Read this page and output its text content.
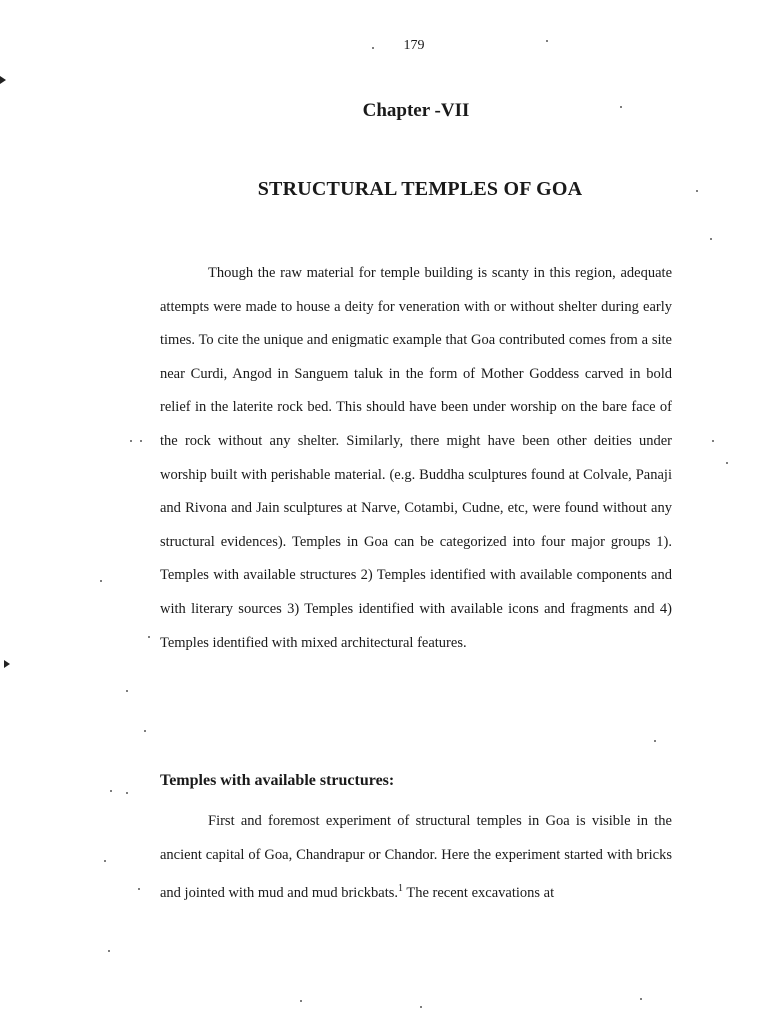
179
Chapter -VII
STRUCTURAL TEMPLES OF GOA

Though the raw material for temple building is scanty in this region, adequate attempts were made to house a deity for veneration with or without shelter during early times. To cite the unique and enigmatic example that Goa contributed comes from a site near Curdi, Angod in Sanguem taluk in the form of Mother Goddess carved in bold relief in the laterite rock bed. This should have been under worship on the bare face of the rock without any shelter. Similarly, there might have been other deities under worship built with perishable material. (e.g. Buddha sculptures found at Colvale, Panaji and Rivona and Jain sculptures at Narve, Cotambi, Cudne, etc, were found without any structural evidences). Temples in Goa can be categorized into four major groups 1). Temples with available structures 2) Temples identified with available components and with literary sources 3) Temples identified with available icons and fragments and 4) Temples identified with mixed architectural features.

Temples with available structures:

First and foremost experiment of structural temples in Goa is visible in the ancient capital of Goa, Chandrapur or Chandor. Here the experiment started with bricks and jointed with mud and mud brickbats.$^1$ The recent excavations at
